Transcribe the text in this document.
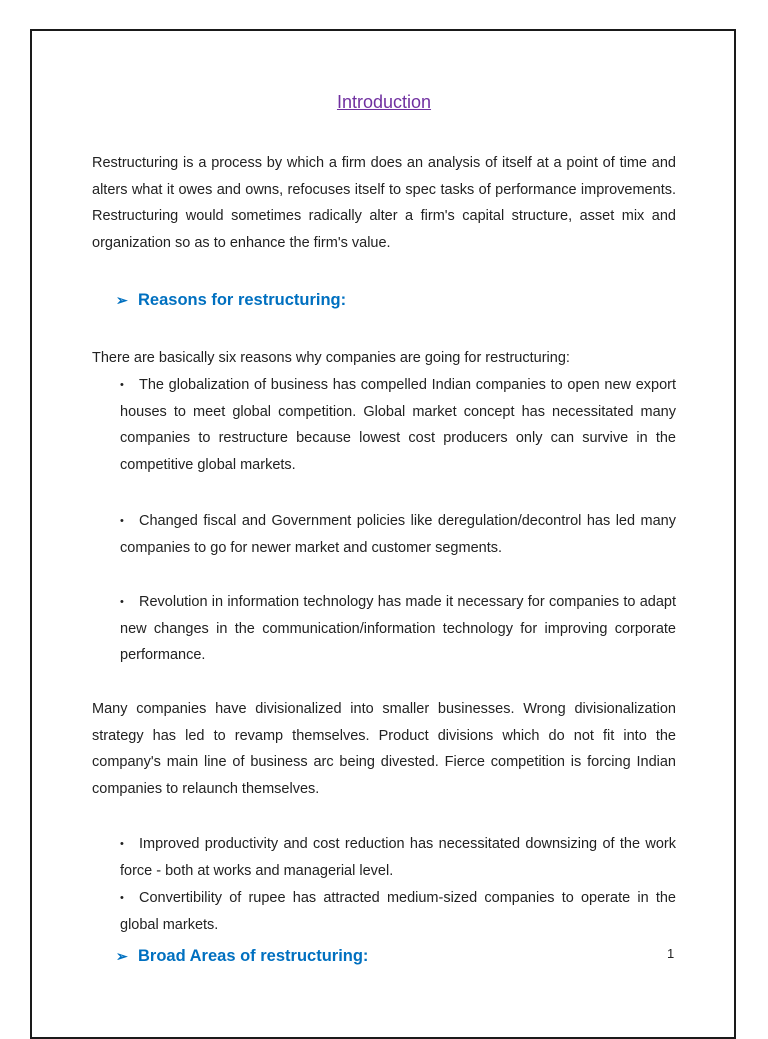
Introduction

Restructuring is a process by which a firm does an analysis of itself at a point of time and alters what it owes and owns, refocuses itself to spec tasks of performance improvements. Restructuring would sometimes radically alter a firm's capital structure, asset mix and organization so as to enhance the firm's value.

➢ Reasons for restructuring:

There are basically six reasons why companies are going for restructuring:

• The globalization of business has compelled Indian companies to open new export houses to meet global competition. Global market concept has necessitated many companies to restructure because lowest cost producers only can survive in the competitive global markets.

• Changed fiscal and Government policies like deregulation/decontrol has led many companies to go for newer market and customer segments.

• Revolution in information technology has made it necessary for companies to adapt new changes in the communication/information technology for improving corporate performance.

Many companies have divisionalized into smaller businesses. Wrong divisionalization strategy has led to revamp themselves. Product divisions which do not fit into the company's main line of business arc being divested. Fierce competition is forcing Indian companies to relaunch themselves.

• Improved productivity and cost reduction has necessitated downsizing of the work force - both at works and managerial level.

• Convertibility of rupee has attracted medium-sized companies to operate in the global markets.

➢ Broad Areas of restructuring:	1
